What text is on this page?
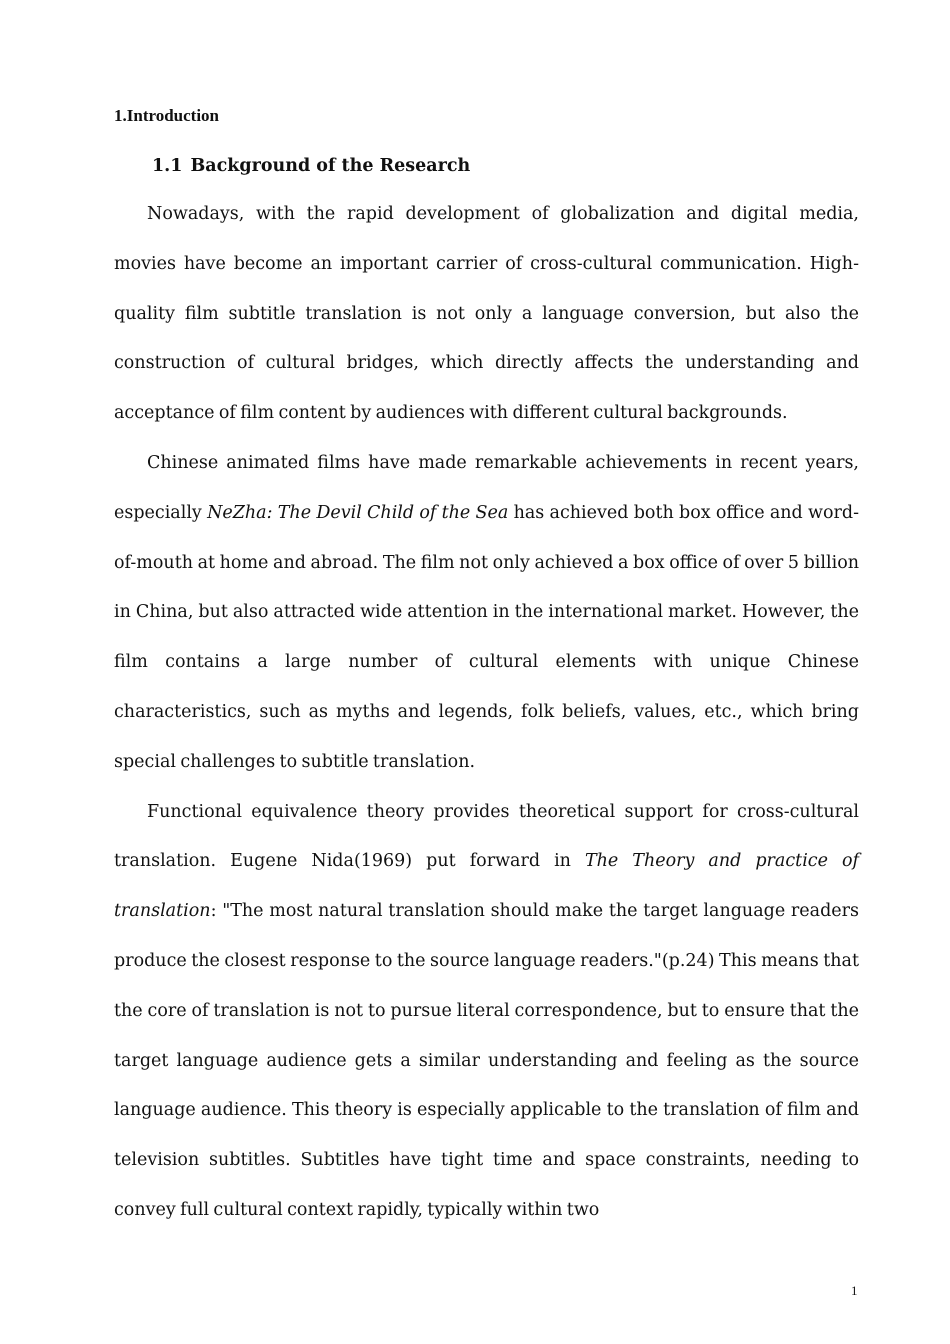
1.Introduction
1.1 Background of the Research

Nowadays, with the rapid development of globalization and digital media, movies have become an important carrier of cross-cultural communication. High-quality film subtitle translation is not only a language conversion, but also the construction of cultural bridges, which directly affects the understanding and acceptance of film content by audiences with different cultural backgrounds.

Chinese animated films have made remarkable achievements in recent years, especially NeZha: The Devil Child of the Sea has achieved both box office and word-of-mouth at home and abroad. The film not only achieved a box office of over 5 billion in China, but also attracted wide attention in the international market. However, the film contains a large number of cultural elements with unique Chinese characteristics, such as myths and legends, folk beliefs, values, etc., which bring special challenges to subtitle translation.

Functional equivalence theory provides theoretical support for cross-cultural translation. Eugene Nida(1969) put forward in The Theory and practice of translation: "The most natural translation should make the target language readers produce the closest response to the source language readers."(p.24) This means that the core of translation is not to pursue literal correspondence, but to ensure that the target language audience gets a similar understanding and feeling as the source language audience. This theory is especially applicable to the translation of film and television subtitles. Subtitles have tight time and space constraints, needing to convey full cultural context rapidly, typically within two

1
